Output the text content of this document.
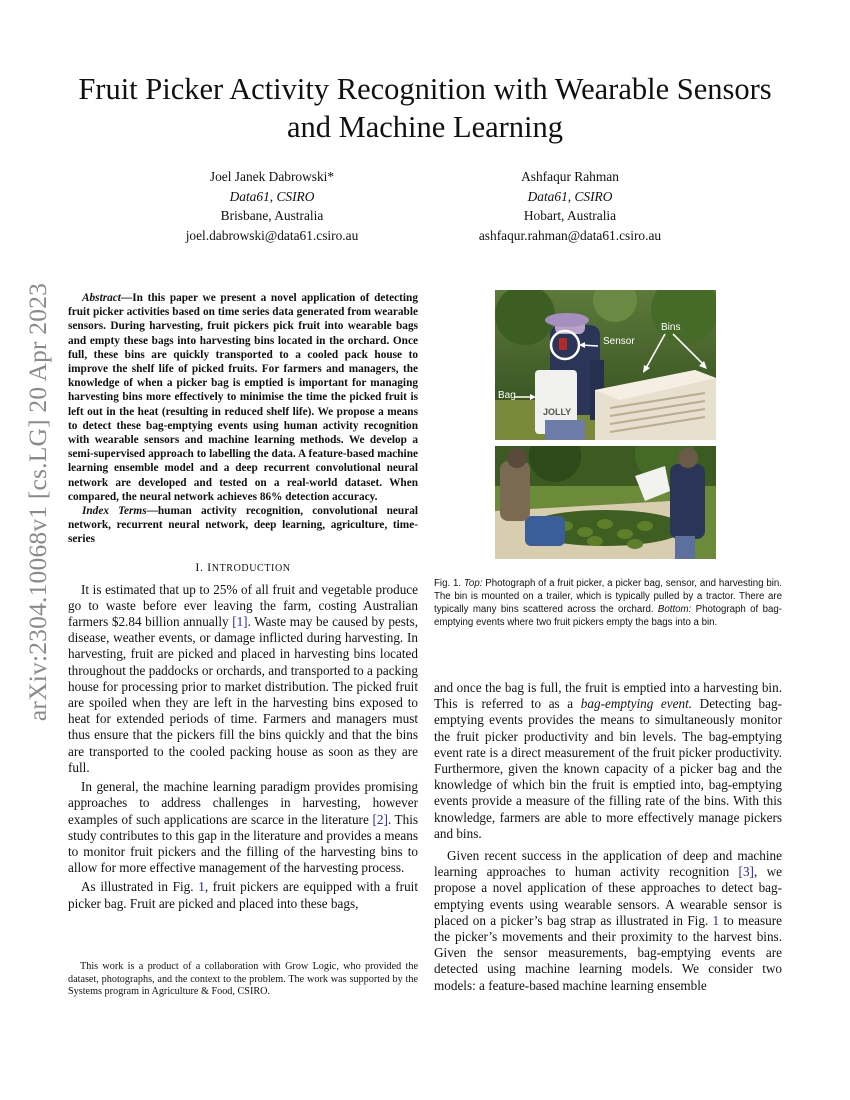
arXiv:2304.10068v1 [cs.LG] 20 Apr 2023
Fruit Picker Activity Recognition with Wearable Sensors and Machine Learning
Joel Janek Dabrowski*
Data61, CSIRO
Brisbane, Australia
joel.dabrowski@data61.csiro.au
Ashfaqur Rahman
Data61, CSIRO
Hobart, Australia
ashfaqur.rahman@data61.csiro.au

Abstract—In this paper we present a novel application of detecting fruit picker activities based on time series data generated from wearable sensors. During harvesting, fruit pickers pick fruit into wearable bags and empty these bags into harvesting bins located in the orchard. Once full, these bins are quickly transported to a cooled pack house to improve the shelf life of picked fruits. For farmers and managers, the knowledge of when a picker bag is emptied is important for managing harvesting bins more effectively to minimise the time the picked fruit is left out in the heat (resulting in reduced shelf life). We propose a means to detect these bag-emptying events using human activity recognition with wearable sensors and machine learning methods. We develop a semi-supervised approach to labelling the data. A feature-based machine learning ensemble model and a deep recurrent convolutional neural network are developed and tested on a real-world dataset. When compared, the neural network achieves 86% detection accuracy.

Index Terms—human activity recognition, convolutional neural network, recurrent neural network, deep learning, agriculture, time-series

I. INTRODUCTION

It is estimated that up to 25% of all fruit and vegetable produce go to waste before ever leaving the farm, costing Australian farmers $2.84 billion annually [1]. Waste may be caused by pests, disease, weather events, or damage inflicted during harvesting. In harvesting, fruit are picked and placed in harvesting bins located throughout the paddocks or orchards, and transported to a packing house for processing prior to market distribution. The picked fruit are spoiled when they are left in the harvesting bins exposed to heat for extended periods of time. Farmers and managers must thus ensure that the pickers fill the bins quickly and that the bins are transported to the cooled packing house as soon as they are full.

In general, the machine learning paradigm provides promising approaches to address challenges in harvesting, however examples of such applications are scarce in the literature [2]. This study contributes to this gap in the literature and provides a means to monitor fruit pickers and the filling of the harvesting bins to allow for more effective management of the harvesting process.

As illustrated in Fig. 1, fruit pickers are equipped with a fruit picker bag. Fruit are picked and placed into these bags,

This work is a product of a collaboration with Grow Logic, who provided the dataset, photographs, and the context to the problem. The work was supported by the Systems program in Agriculture & Food, CSIRO.
JOLLY
Sensor
Bins
Bag
Fig. 1. Top: Photograph of a fruit picker, a picker bag, sensor, and harvesting bin. The bin is mounted on a trailer, which is typically pulled by a tractor. There are typically many bins scattered across the orchard. Bottom: Photograph of bag-emptying events where two fruit pickers empty the bags into a bin.

and once the bag is full, the fruit is emptied into a harvesting bin. This is referred to as a bag-emptying event. Detecting bag-emptying events provides the means to simultaneously monitor the fruit picker productivity and bin levels. The bag-emptying event rate is a direct measurement of the fruit picker productivity. Furthermore, given the known capacity of a picker bag and the knowledge of which bin the fruit is emptied into, bag-emptying events provide a measure of the filling rate of the bins. With this knowledge, farmers are able to more effectively manage pickers and bins.

Given recent success in the application of deep and machine learning approaches to human activity recognition [3], we propose a novel application of these approaches to detect bag-emptying events using wearable sensors. A wearable sensor is placed on a picker’s bag strap as illustrated in Fig. 1 to measure the picker’s movements and their proximity to the harvest bins. Given the sensor measurements, bag-emptying events are detected using machine learning models. We consider two models: a feature-based machine learning ensemble
